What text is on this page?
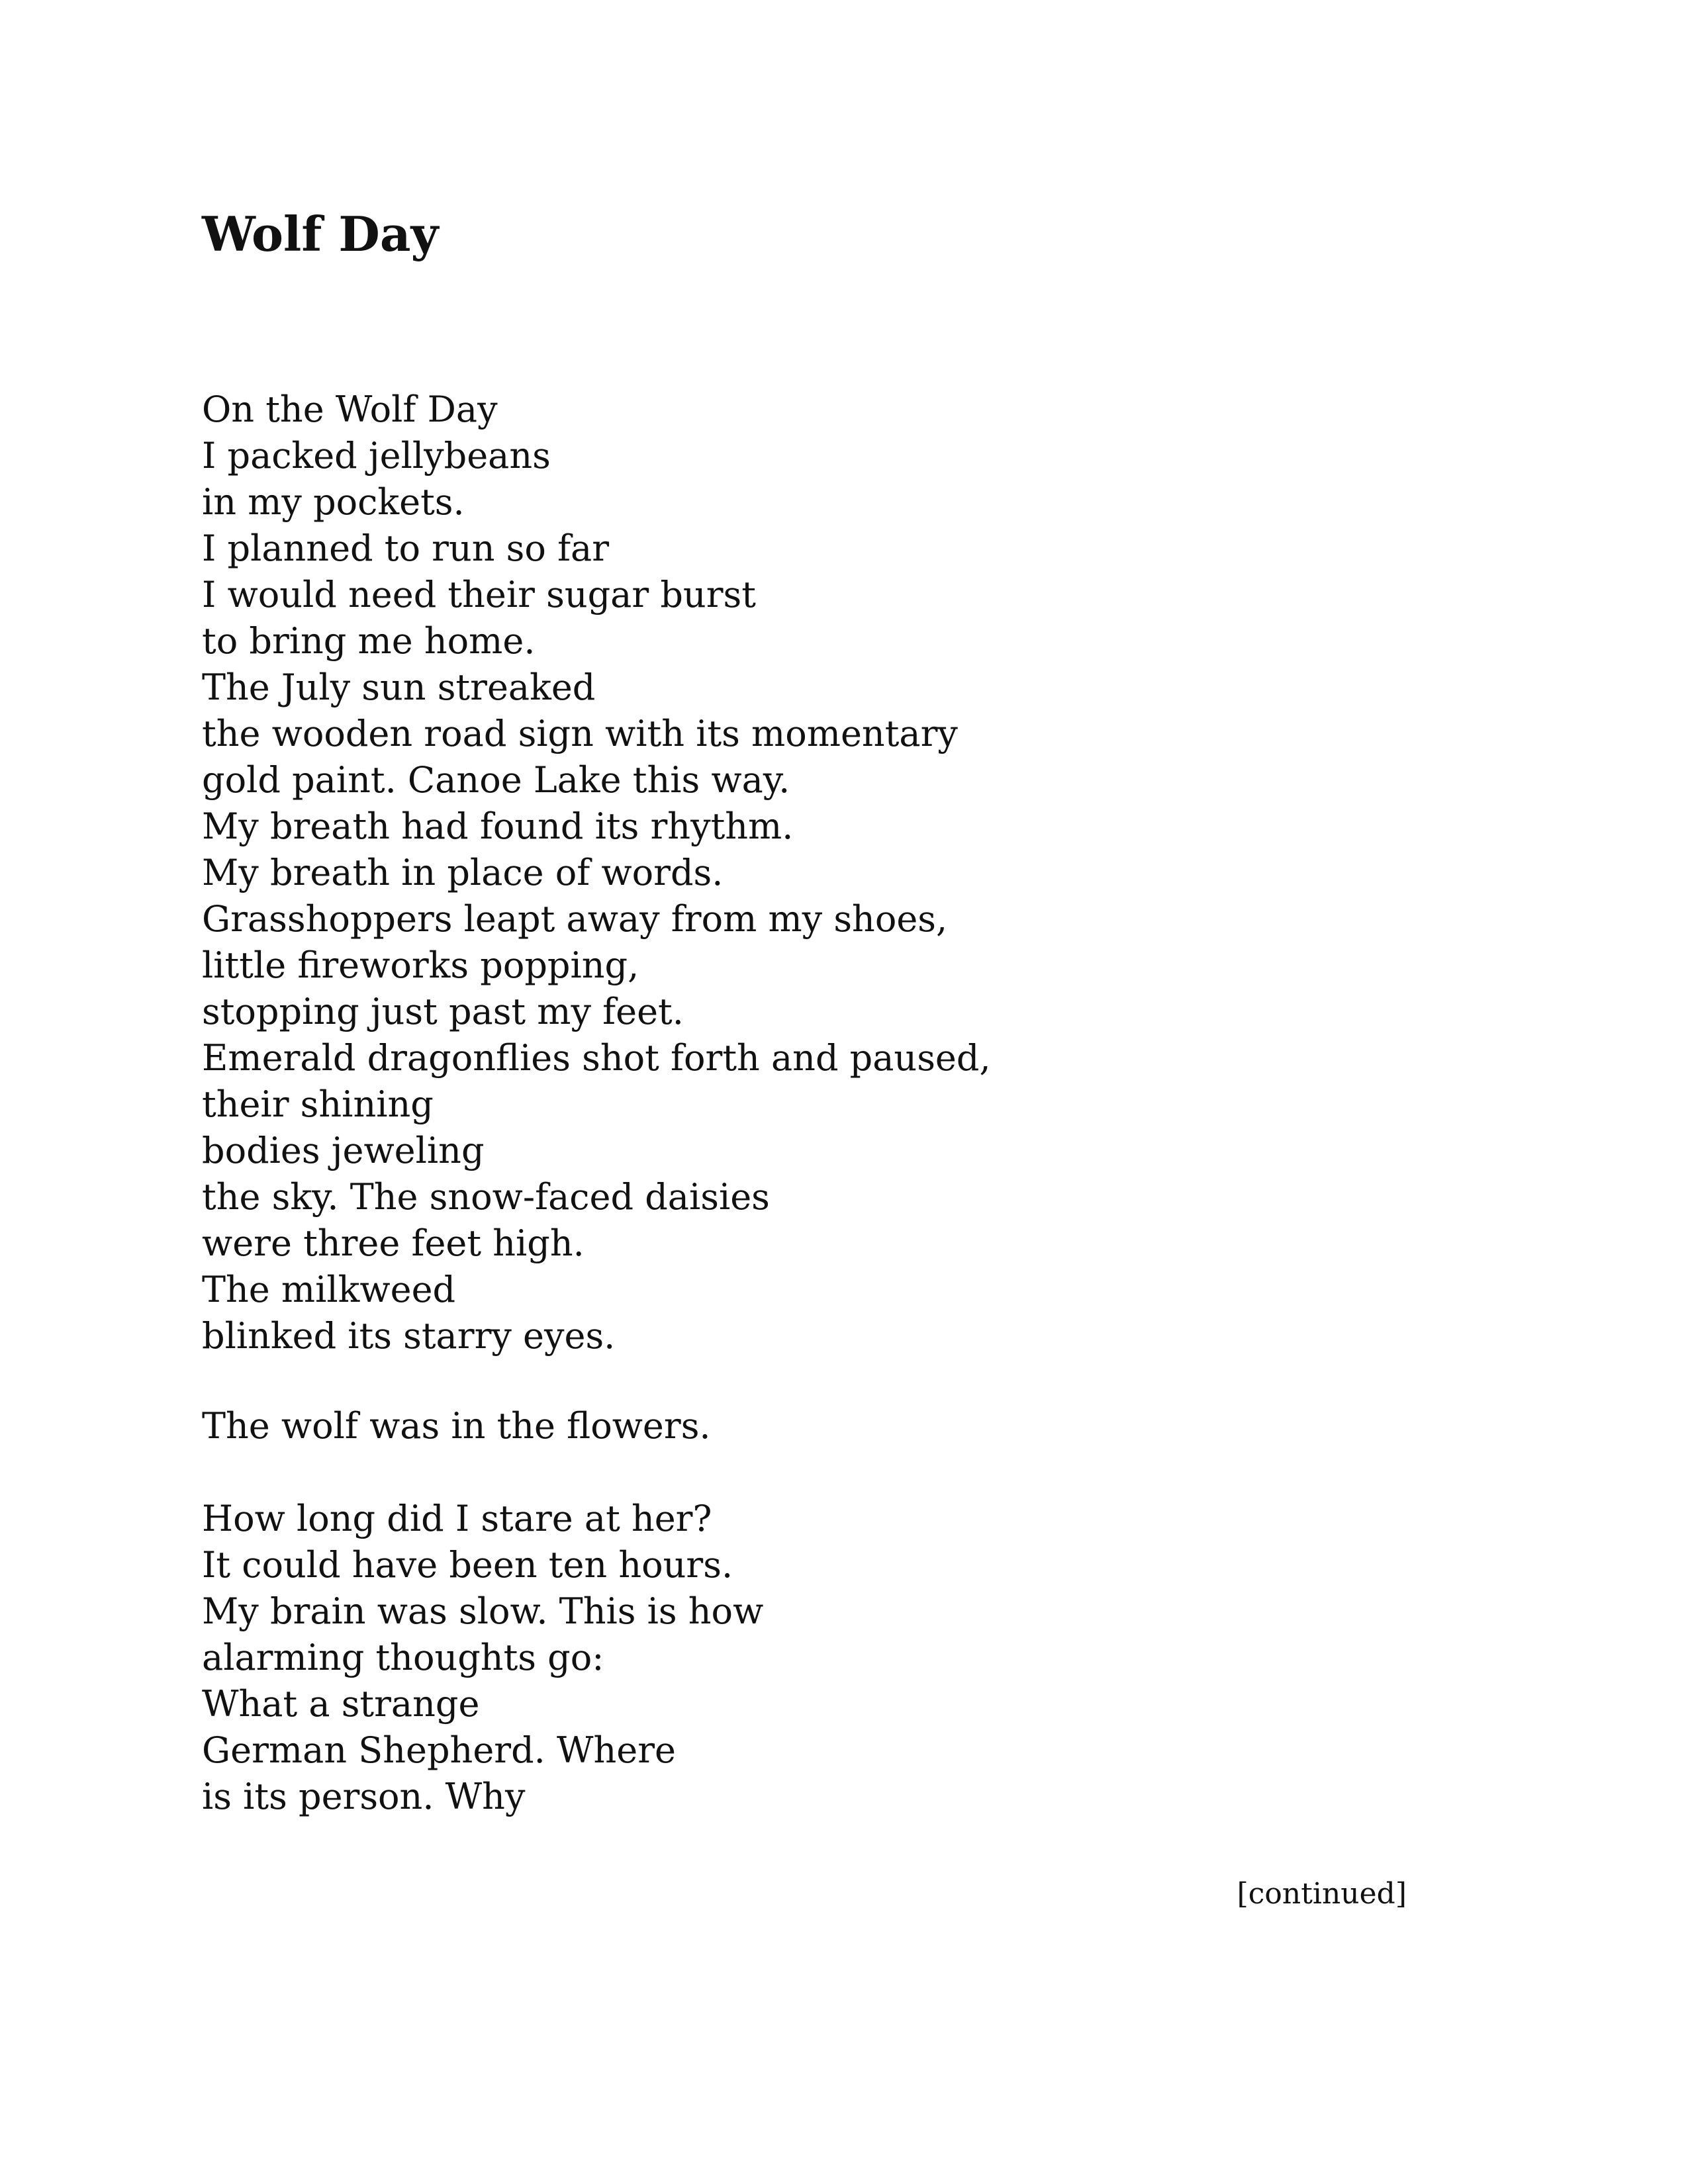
Wolf Day
On the Wolf Day
I packed jellybeans
in my pockets.
I planned to run so far
I would need their sugar burst
to bring me home.
The July sun streaked
the wooden road sign with its momentary
gold paint. Canoe Lake this way.
My breath had found its rhythm.
My breath in place of words.
Grasshoppers leapt away from my shoes,
little fireworks popping,
stopping just past my feet.
Emerald dragonflies shot forth and paused,
their shining
bodies jeweling
the sky. The snow-faced daisies
were three feet high.
The milkweed
blinked its starry eyes.
The wolf was in the flowers.
How long did I stare at her?
It could have been ten hours.
My brain was slow. This is how
alarming thoughts go:
What a strange
German Shepherd. Where
is its person. Why
[continued]
